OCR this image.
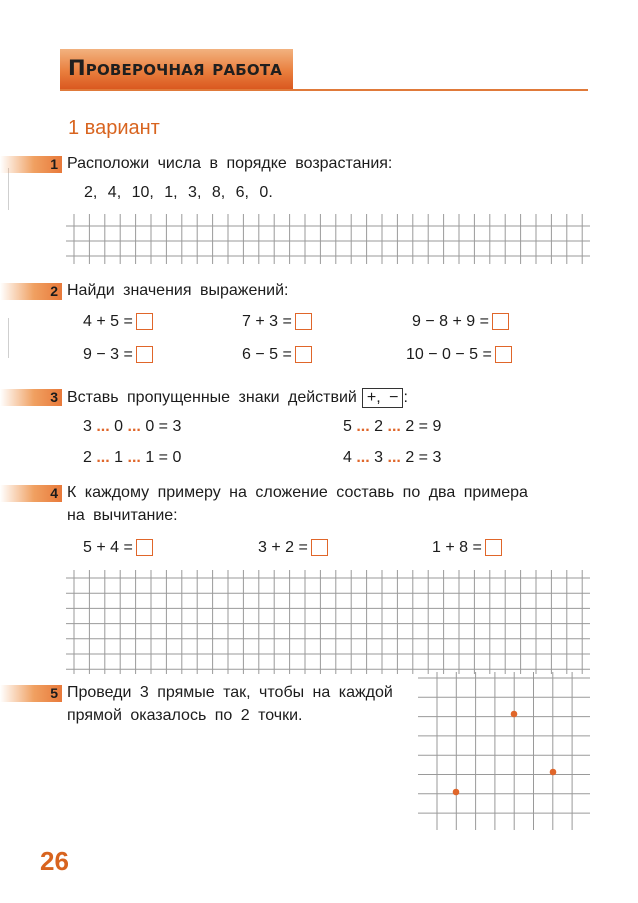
Проверочная работа
1 вариант
1 Расположи числа в порядке возрастания:
2, 4, 10, 1, 3, 8, 6, 0.
2 Найди значения выражений:
4 + 5 =	7 + 3 =	9 − 8 + 9 =
9 − 3 =	6 − 5 =	10 − 0 − 5 =
3 Вставь пропущенные знаки действий +, − :
3 ... 0 ... 0 = 3	5 ... 2 ... 2 = 9
2 ... 1 ... 1 = 0	4 ... 3 ... 2 = 3
4 К каждому примеру на сложение составь по два примера
на вычитание:
5 + 4 =	3 + 2 =	1 + 8 =
5 Проведи 3 прямые так, чтобы на каждой
прямой оказалось по 2 точки.
26
